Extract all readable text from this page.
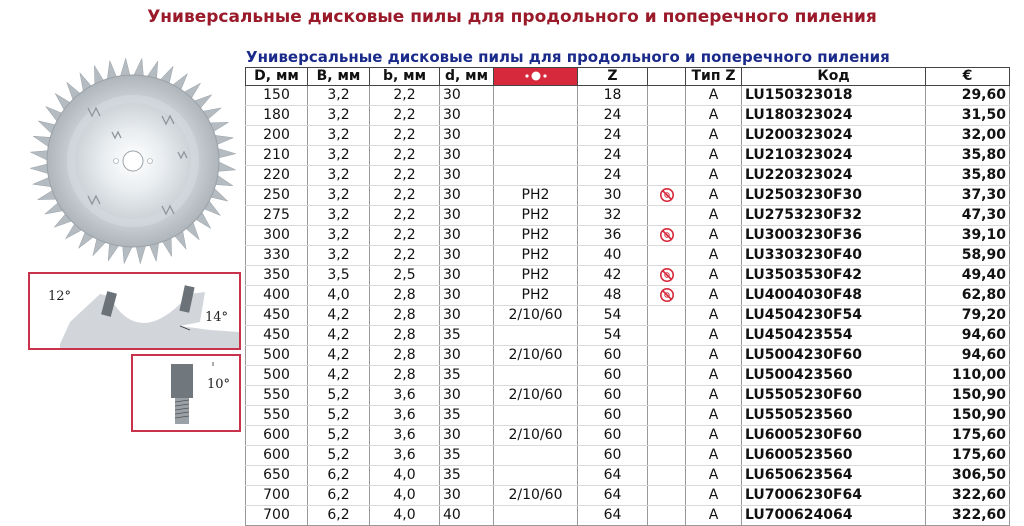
Универсальные дисковые пилы для продольного и поперечного пиления
12°
14°
10°
Универсальные дисковые пилы для продольного и поперечного пиления
D, мм	B, мм	b, мм	d, мм		Z		Тип Z	Код	€
150	3,2	2,2	30		18		A	LU150323018	29,60
180	3,2	2,2	30		24		A	LU180323024	31,50
200	3,2	2,2	30		24		A	LU200323024	32,00
210	3,2	2,2	30		24		A	LU210323024	35,80
220	3,2	2,2	30		24		A	LU220323024	35,80
250	3,2	2,2	30	PH2	30		A	LU2503230F30	37,30
275	3,2	2,2	30	PH2	32		A	LU2753230F32	47,30
300	3,2	2,2	30	PH2	36		A	LU3003230F36	39,10
330	3,2	2,2	30	PH2	40		A	LU3303230F40	58,90
350	3,5	2,5	30	PH2	42		A	LU3503530F42	49,40
400	4,0	2,8	30	PH2	48		A	LU4004030F48	62,80
450	4,2	2,8	30	2/10/60	54		A	LU4504230F54	79,20
450	4,2	2,8	35		54		A	LU450423554	94,60
500	4,2	2,8	30	2/10/60	60		A	LU5004230F60	94,60
500	4,2	2,8	35		60		A	LU500423560	110,00
550	5,2	3,6	30	2/10/60	60		A	LU5505230F60	150,90
550	5,2	3,6	35		60		A	LU550523560	150,90
600	5,2	3,6	30	2/10/60	60		A	LU6005230F60	175,60
600	5,2	3,6	35		60		A	LU600523560	175,60
650	6,2	4,0	35		64		A	LU650623564	306,50
700	6,2	4,0	30	2/10/60	64		A	LU7006230F64	322,60
700	6,2	4,0	40		64		A	LU700624064	322,60
